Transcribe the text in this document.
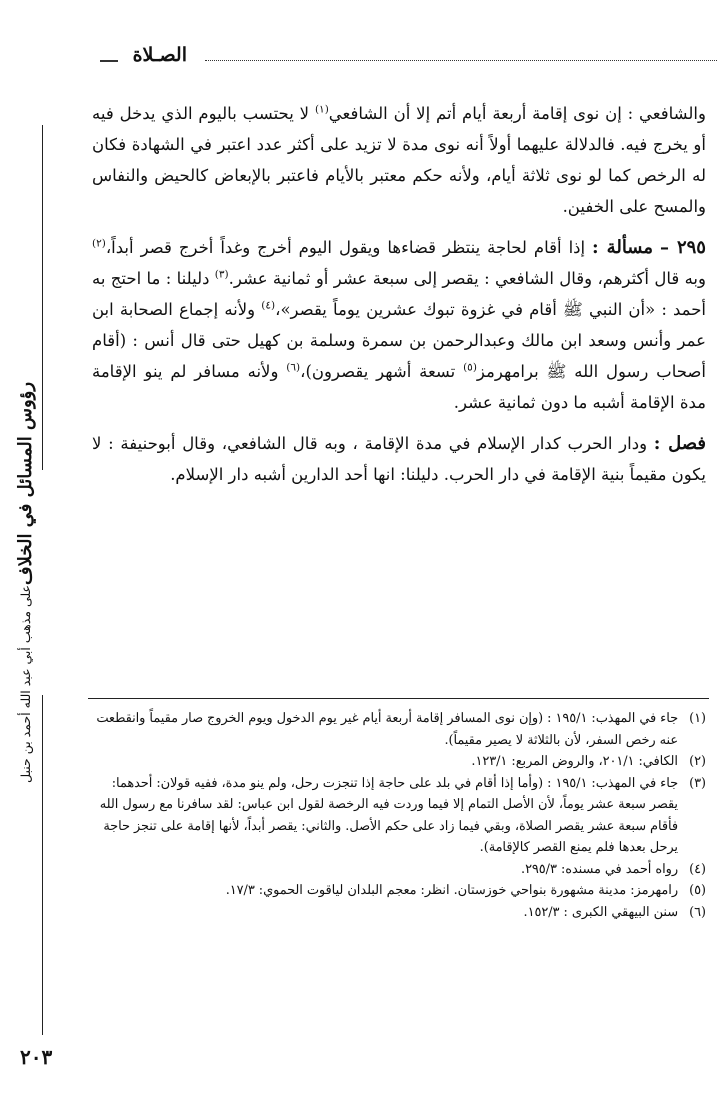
الصـلاة
رؤوس المسائل في الخلاف
على مذهب أبي عبد الله أحمد بن حنبل

والشافعي : إن نوى إقامة أربعة أيام أتم إلا أن الشافعي$^{(١)}$ لا يحتسب باليوم الذي يدخل فيه أو يخرج فيه. فالدلالة عليهما أولاً أنه نوى مدة لا تزيد على أكثر عدد اعتبر في الشهادة فكان له الرخص كما لو نوى ثلاثة أيام، ولأنه حكم معتبر بالأيام فاعتبر بالإبعاض كالحيض والنفاس والمسح على الخفين.

٢٩٥ – مسألة : إذا أقام لحاجة ينتظر قضاءها ويقول اليوم أخرج وغداً أخرج قصر أبداً،$^{(٢)}$ وبه قال أكثرهم، وقال الشافعي : يقصر إلى سبعة عشر أو ثمانية عشر.$^{(٣)}$ دليلنا : ما احتج به أحمد : «أن النبي ﷺ أقام في غزوة تبوك عشرين يوماً يقصر»،$^{(٤)}$ ولأنه إجماع الصحابة ابن عمر وأنس وسعد ابن مالك وعبدالرحمن بن سمرة وسلمة بن كهيل حتى قال أنس : (أقام أصحاب رسول الله ﷺ برامهرمز$^{(٥)}$ تسعة أشهر يقصرون)،$^{(٦)}$ ولأنه مسافر لم ينو الإقامة مدة الإقامة أشبه ما دون ثمانية عشر.

فصل : ودار الحرب كدار الإسلام في مدة الإقامة ، وبه قال الشافعي، وقال أبوحنيفة : لا يكون مقيماً بنية الإقامة في دار الحرب. دليلنا: انها أحد الدارين أشبه دار الإسلام.

(١)
جاء في المهذب: ١٩٥/١ : (وإن نوى المسافر إقامة أربعة أيام غير يوم الدخول ويوم الخروج صار مقيماً وانقطعت عنه رخص السفر، لأن بالثلاثة لا يصير مقيماً).
(٢)
الكافي: ٢٠١/١، والروض المربع: ١٢٣/١.
(٣)
جاء في المهذب: ١٩٥/١ : (وأما إذا أقام في بلد على حاجة إذا تنجزت رحل، ولم ينو مدة، ففيه قولان: أحدهما: يقصر سبعة عشر يوماً، لأن الأصل التمام إلا فيما وردت فيه الرخصة لقول ابن عباس: لقد سافرنا مع رسول الله فأقام سبعة عشر يقصر الصلاة، وبقي فيما زاد على حكم الأصل. والثاني: يقصر أبداً، لأنها إقامة على تنجز حاجة يرحل بعدها فلم يمنع القصر كالإقامة).
(٤)
رواه أحمد في مسنده: ٢٩٥/٣.
(٥)
رامهرمز: مدينة مشهورة بنواحي خوزستان. انظر: معجم البلدان لياقوت الحموي: ١٧/٣.
(٦)
سنن البيهقي الكبرى : ١٥٢/٣.
٢٠٣
